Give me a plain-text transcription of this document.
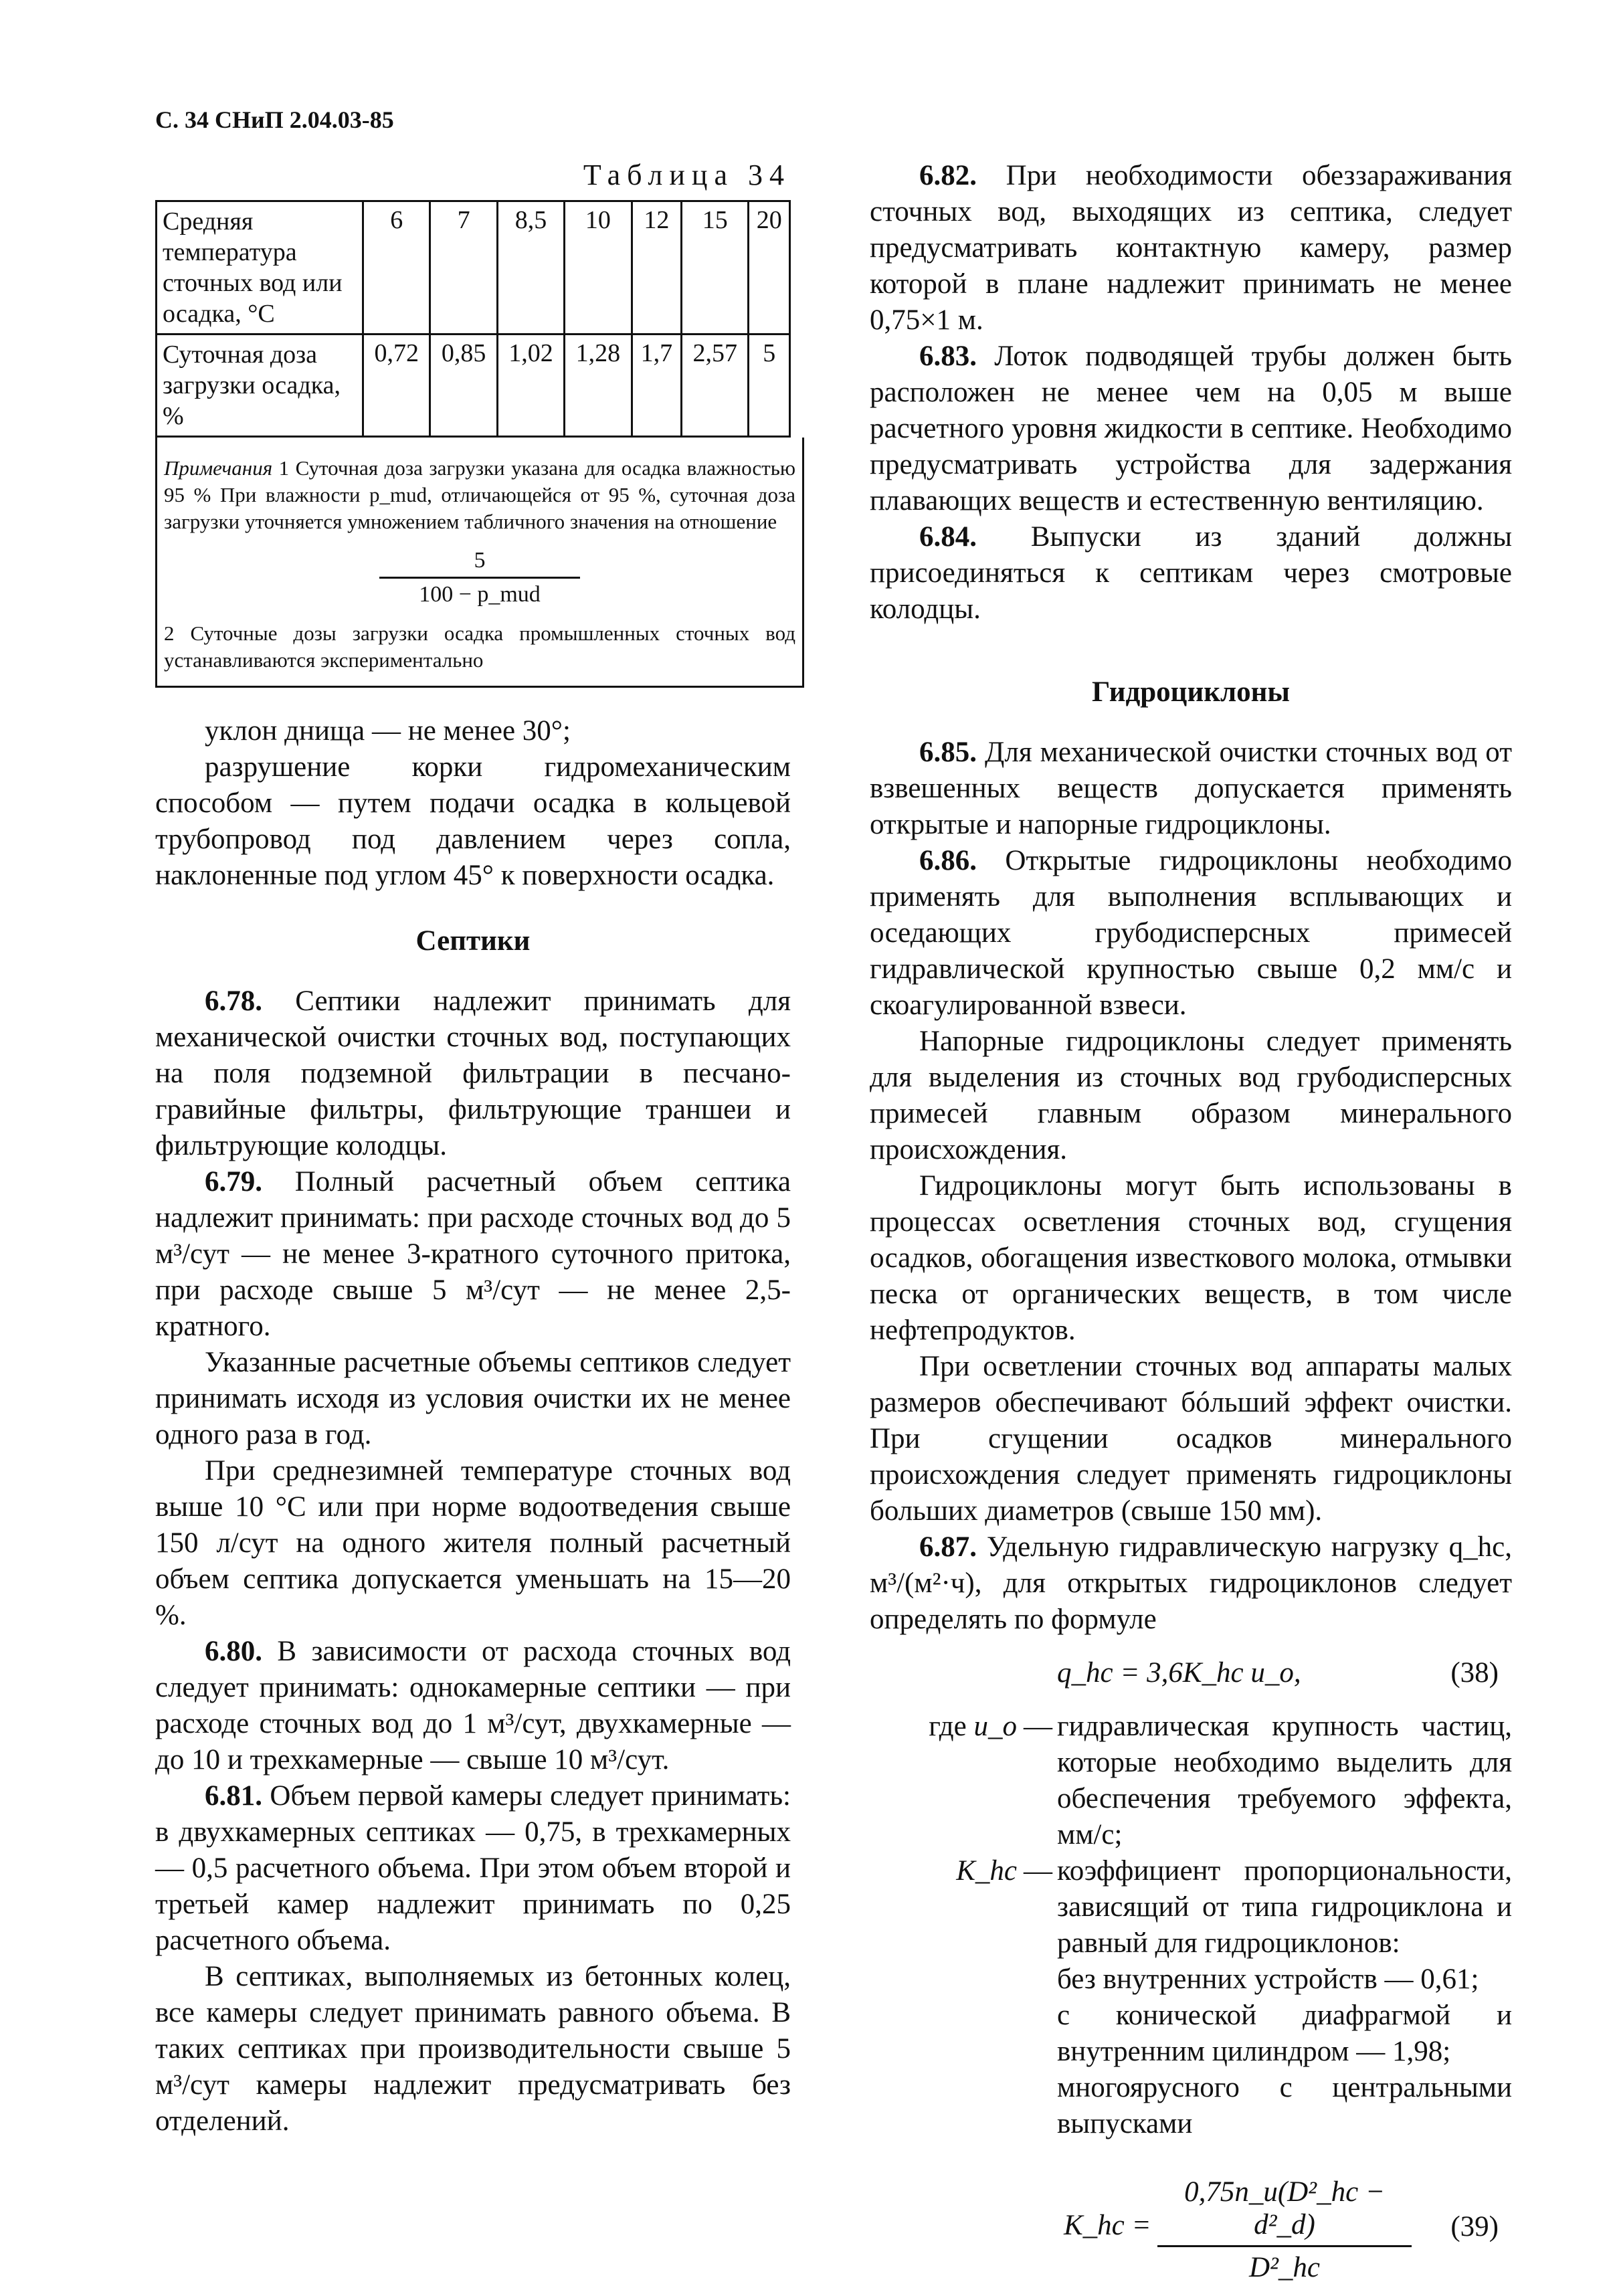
С. 34 СНиП 2.04.03-85
Таблица 34
Средняя температура сточных вод или осадка, °С	6	7	8,5	10	12	15	20
Суточная доза загрузки осадка, %	0,72	0,85	1,02	1,28	1,7	2,57	5
Примечания 1 Суточная доза загрузки указана для осадка влажностью 95 % При влажности p_mud, отличающейся от 95 %, суточная доза загрузки уточняется умножением табличного значения на отношение
5
100 − p_mud
2 Суточные дозы загрузки осадка промышленных сточных вод устанавливаются экспериментально

уклон днища — не менее 30°;

разрушение корки гидромеханическим способом — путем подачи осадка в кольцевой трубопровод под давлением через сопла, наклоненные под углом 45° к поверхности осадка.

Септики

6.78. Септики надлежит принимать для механической очистки сточных вод, поступающих на поля подземной фильтрации в песчано-гравийные фильтры, фильтрующие траншеи и фильтрующие колодцы.

6.79. Полный расчетный объем септика надлежит принимать: при расходе сточных вод до 5 м³/сут — не менее 3-кратного суточного притока, при расходе свыше 5 м³/сут — не менее 2,5-кратного.

Указанные расчетные объемы септиков следует принимать исходя из условия очистки их не менее одного раза в год.

При среднезимней температуре сточных вод выше 10 °С или при норме водоотведения свыше 150 л/сут на одного жителя полный расчетный объем септика допускается уменьшать на 15—20 %.

6.80. В зависимости от расхода сточных вод следует принимать: однокамерные септики — при расходе сточных вод до 1 м³/сут, двухкамерные — до 10 и трехкамерные — свыше 10 м³/сут.

6.81. Объем первой камеры следует принимать: в двухкамерных септиках — 0,75, в трехкамерных — 0,5 расчетного объема. При этом объем второй и третьей камер надлежит принимать по 0,25 расчетного объема.

В септиках, выполняемых из бетонных колец, все камеры следует принимать равного объема. В таких септиках при производительности свыше 5 м³/сут камеры надлежит предусматривать без отделений.

6.82. При необходимости обеззараживания сточных вод, выходящих из септика, следует предусматривать контактную камеру, размер которой в плане надлежит принимать не менее 0,75×1 м.

6.83. Лоток подводящей трубы должен быть расположен не менее чем на 0,05 м выше расчетного уровня жидкости в септике. Необходимо предусматривать устройства для задержания плавающих веществ и естественную вентиляцию.

6.84. Выпуски из зданий должны присоединяться к септикам через смотровые колодцы.

Гидроциклоны

6.85. Для механической очистки сточных вод от взвешенных веществ допускается применять открытые и напорные гидроциклоны.

6.86. Открытые гидроциклоны необходимо применять для выполнения всплывающих и оседающих грубодисперсных примесей гидравлической крупностью свыше 0,2 мм/с и скоагулированной взвеси.

Напорные гидроциклоны следует применять для выделения из сточных вод грубодисперсных примесей главным образом минерального происхождения.

Гидроциклоны могут быть использованы в процессах осветления сточных вод, сгущения осадков, обогащения известкового молока, отмывки песка от органических веществ, в том числе нефтепродуктов.

При осветлении сточных вод аппараты малых размеров обеспечивают бóльший эффект очистки. При сгущении осадков минерального происхождения следует применять гидроциклоны больших диаметров (свыше 150 мм).

6.87. Удельную гидравлическую нагрузку q_hc, м³/(м²·ч), для открытых гидроциклонов следует определять по формуле

q_hc = 3,6K_hc u_o,	(38)
где u_o — гидравлическая крупность частиц, которые необходимо выделить для обеспечения требуемого эффекта, мм/с;
K_hc — коэффициент пропорциональности, зависящий от типа гидроциклона и равный для гидроциклонов:
без внутренних устройств — 0,61;
с конической диафрагмой и внутренним цилиндром — 1,98;
многоярусного с центральными выпусками
K_hc = $\frac{\text{0,75n\_u(D²\_hc − d²\_d)}}{\text{D²\_hc}} (39)$
